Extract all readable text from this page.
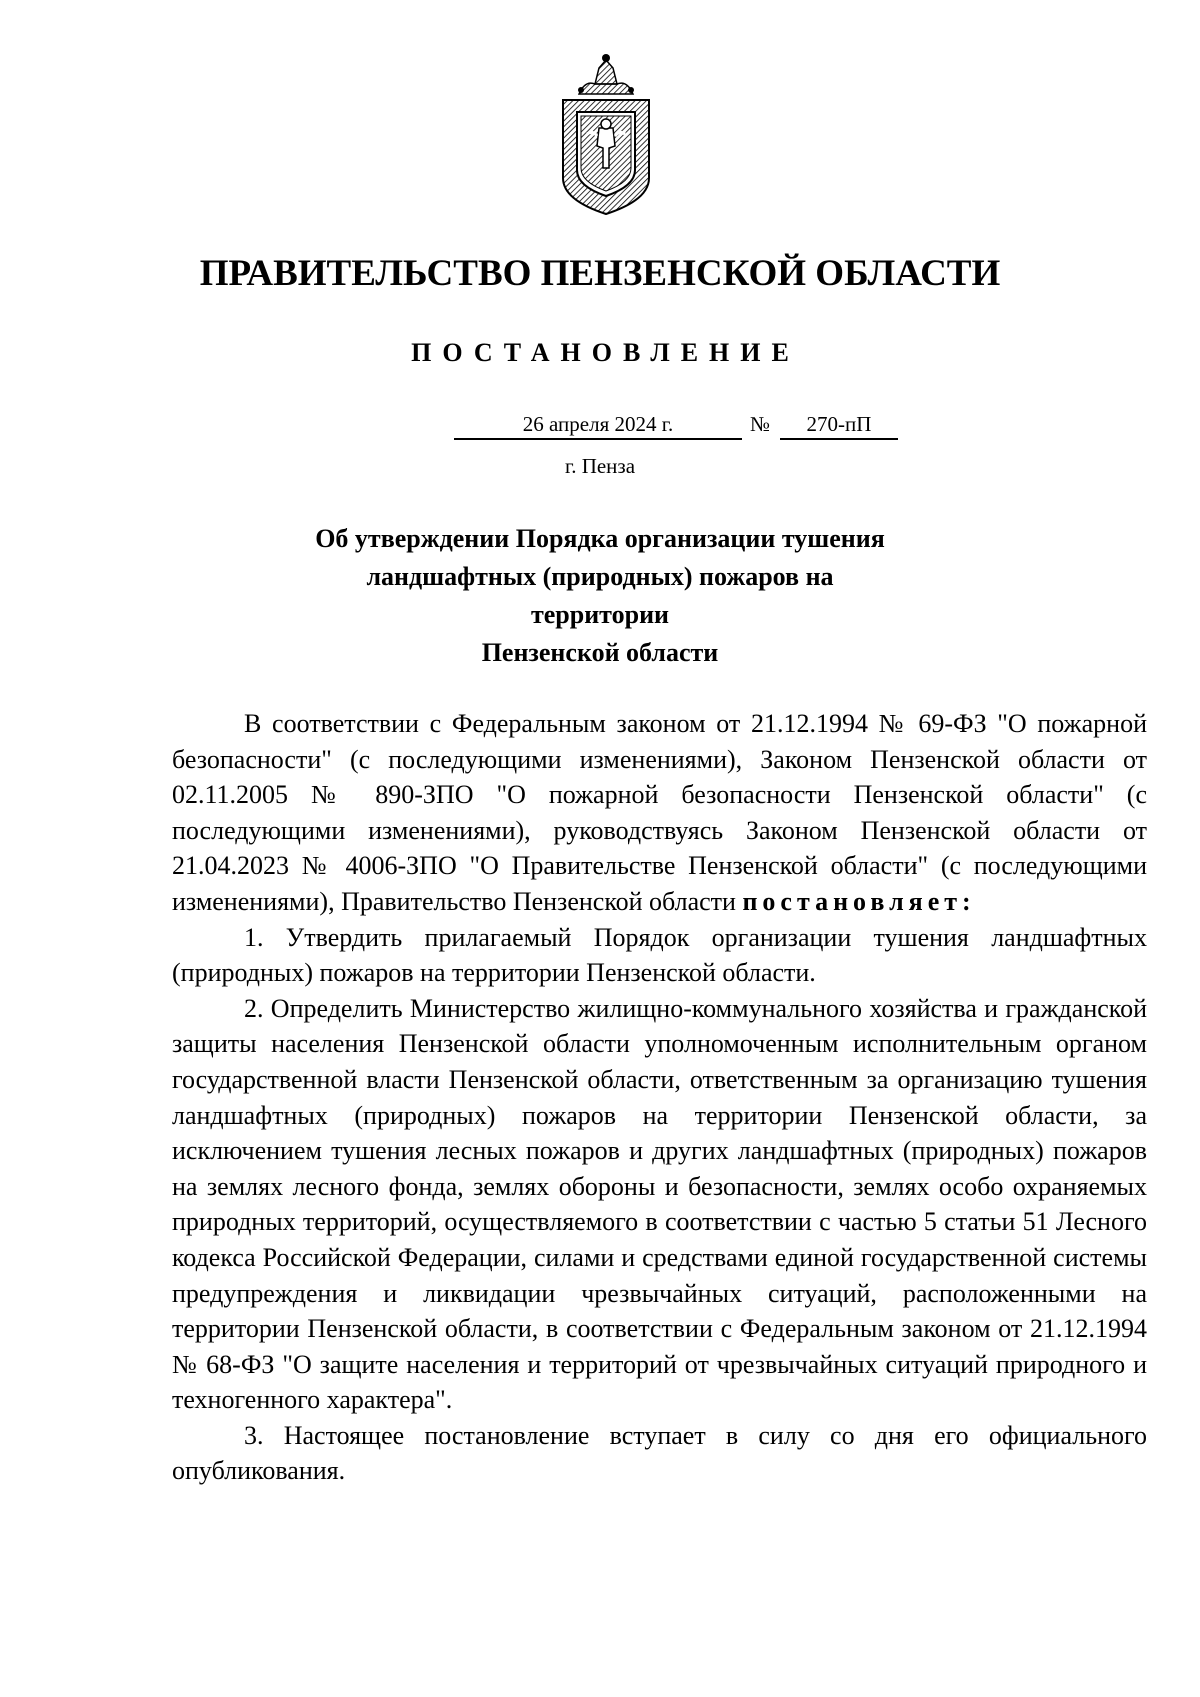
ПРАВИТЕЛЬСТВО ПЕНЗЕНСКОЙ ОБЛАСТИ
ПОСТАНОВЛЕНИЕ
26 апреля 2024 г.	№	270-пП
г. Пенза
Об утверждении Порядка организации тушения
ландшафтных (природных) пожаров на территории
Пензенской области

В соответствии с Федеральным законом от 21.12.1994 № 69-ФЗ "О пожарной безопасности" (с последующими изменениями), Законом Пензенской области от 02.11.2005 № 890-ЗПО "О пожарной безопасности Пензенской области" (с последующими изменениями), руководствуясь Законом Пензенской области от 21.04.2023 № 4006-ЗПО "О Правительстве Пензенской области" (с последующими изменениями), Правительство Пензенской области постановляет:

1. Утвердить прилагаемый Порядок организации тушения ландшафтных (природных) пожаров на территории Пензенской области.

2. Определить Министерство жилищно-коммунального хозяйства и гражданской защиты населения Пензенской области уполномоченным исполнительным органом государственной власти Пензенской области, ответственным за организацию тушения ландшафтных (природных) пожаров на территории Пензенской области, за исключением тушения лесных пожаров и других ландшафтных (природных) пожаров на землях лесного фонда, землях обороны и безопасности, землях особо охраняемых природных территорий, осуществляемого в соответствии с частью 5 статьи 51 Лесного кодекса Российской Федерации, силами и средствами единой государственной системы предупреждения и ликвидации чрезвычайных ситуаций, расположенными на территории Пензенской области, в соответствии с Федеральным законом от 21.12.1994 № 68-ФЗ "О защите населения и территорий от чрезвычайных ситуаций природного и техногенного характера".

3. Настоящее постановление вступает в силу со дня его официального опубликования.
